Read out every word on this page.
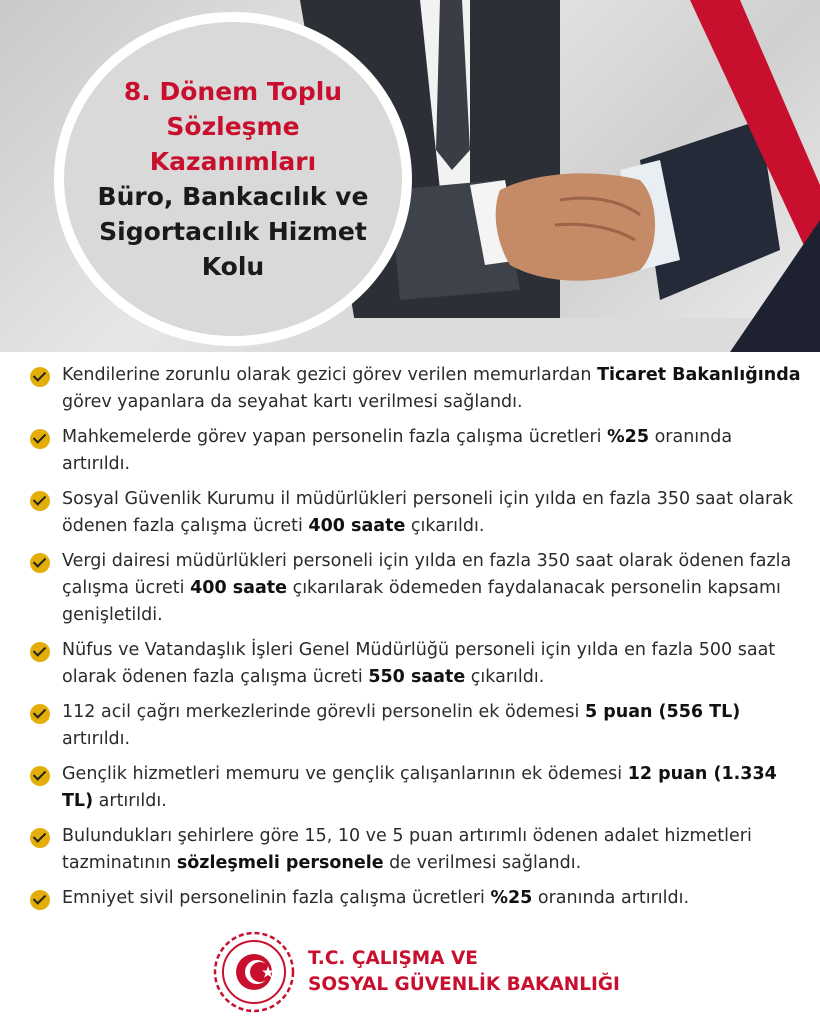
8. Dönem Toplu
Sözleşme
Kazanımları
Büro, Bankacılık ve
Sigortacılık Hizmet
Kolu
Kendilerine zorunlu olarak gezici görev verilen memurlardan Ticaret Bakanlığında görev yapanlara da seyahat kartı verilmesi sağlandı.
Mahkemelerde görev yapan personelin fazla çalışma ücretleri %25 oranında artırıldı.
Sosyal Güvenlik Kurumu il müdürlükleri personeli için yılda en fazla 350 saat olarak ödenen fazla çalışma ücreti 400 saate çıkarıldı.
Vergi dairesi müdürlükleri personeli için yılda en fazla 350 saat olarak ödenen fazla çalışma ücreti 400 saate çıkarılarak ödemeden faydalanacak personelin kapsamı genişletildi.
Nüfus ve Vatandaşlık İşleri Genel Müdürlüğü personeli için yılda en fazla 500 saat olarak ödenen fazla çalışma ücreti 550 saate çıkarıldı.
112 acil çağrı merkezlerinde görevli personelin ek ödemesi 5 puan (556 TL) artırıldı.
Gençlik hizmetleri memuru ve gençlik çalışanlarının ek ödemesi 12 puan (1.334 TL) artırıldı.
Bulundukları şehirlere göre 15, 10 ve 5 puan artırımlı ödenen adalet hizmetleri tazminatının sözleşmeli personele de verilmesi sağlandı.
Emniyet sivil personelinin fazla çalışma ücretleri %25 oranında artırıldı.
T.C. ÇALIŞMA VE
SOSYAL GÜVENLİK BAKANLIĞI
